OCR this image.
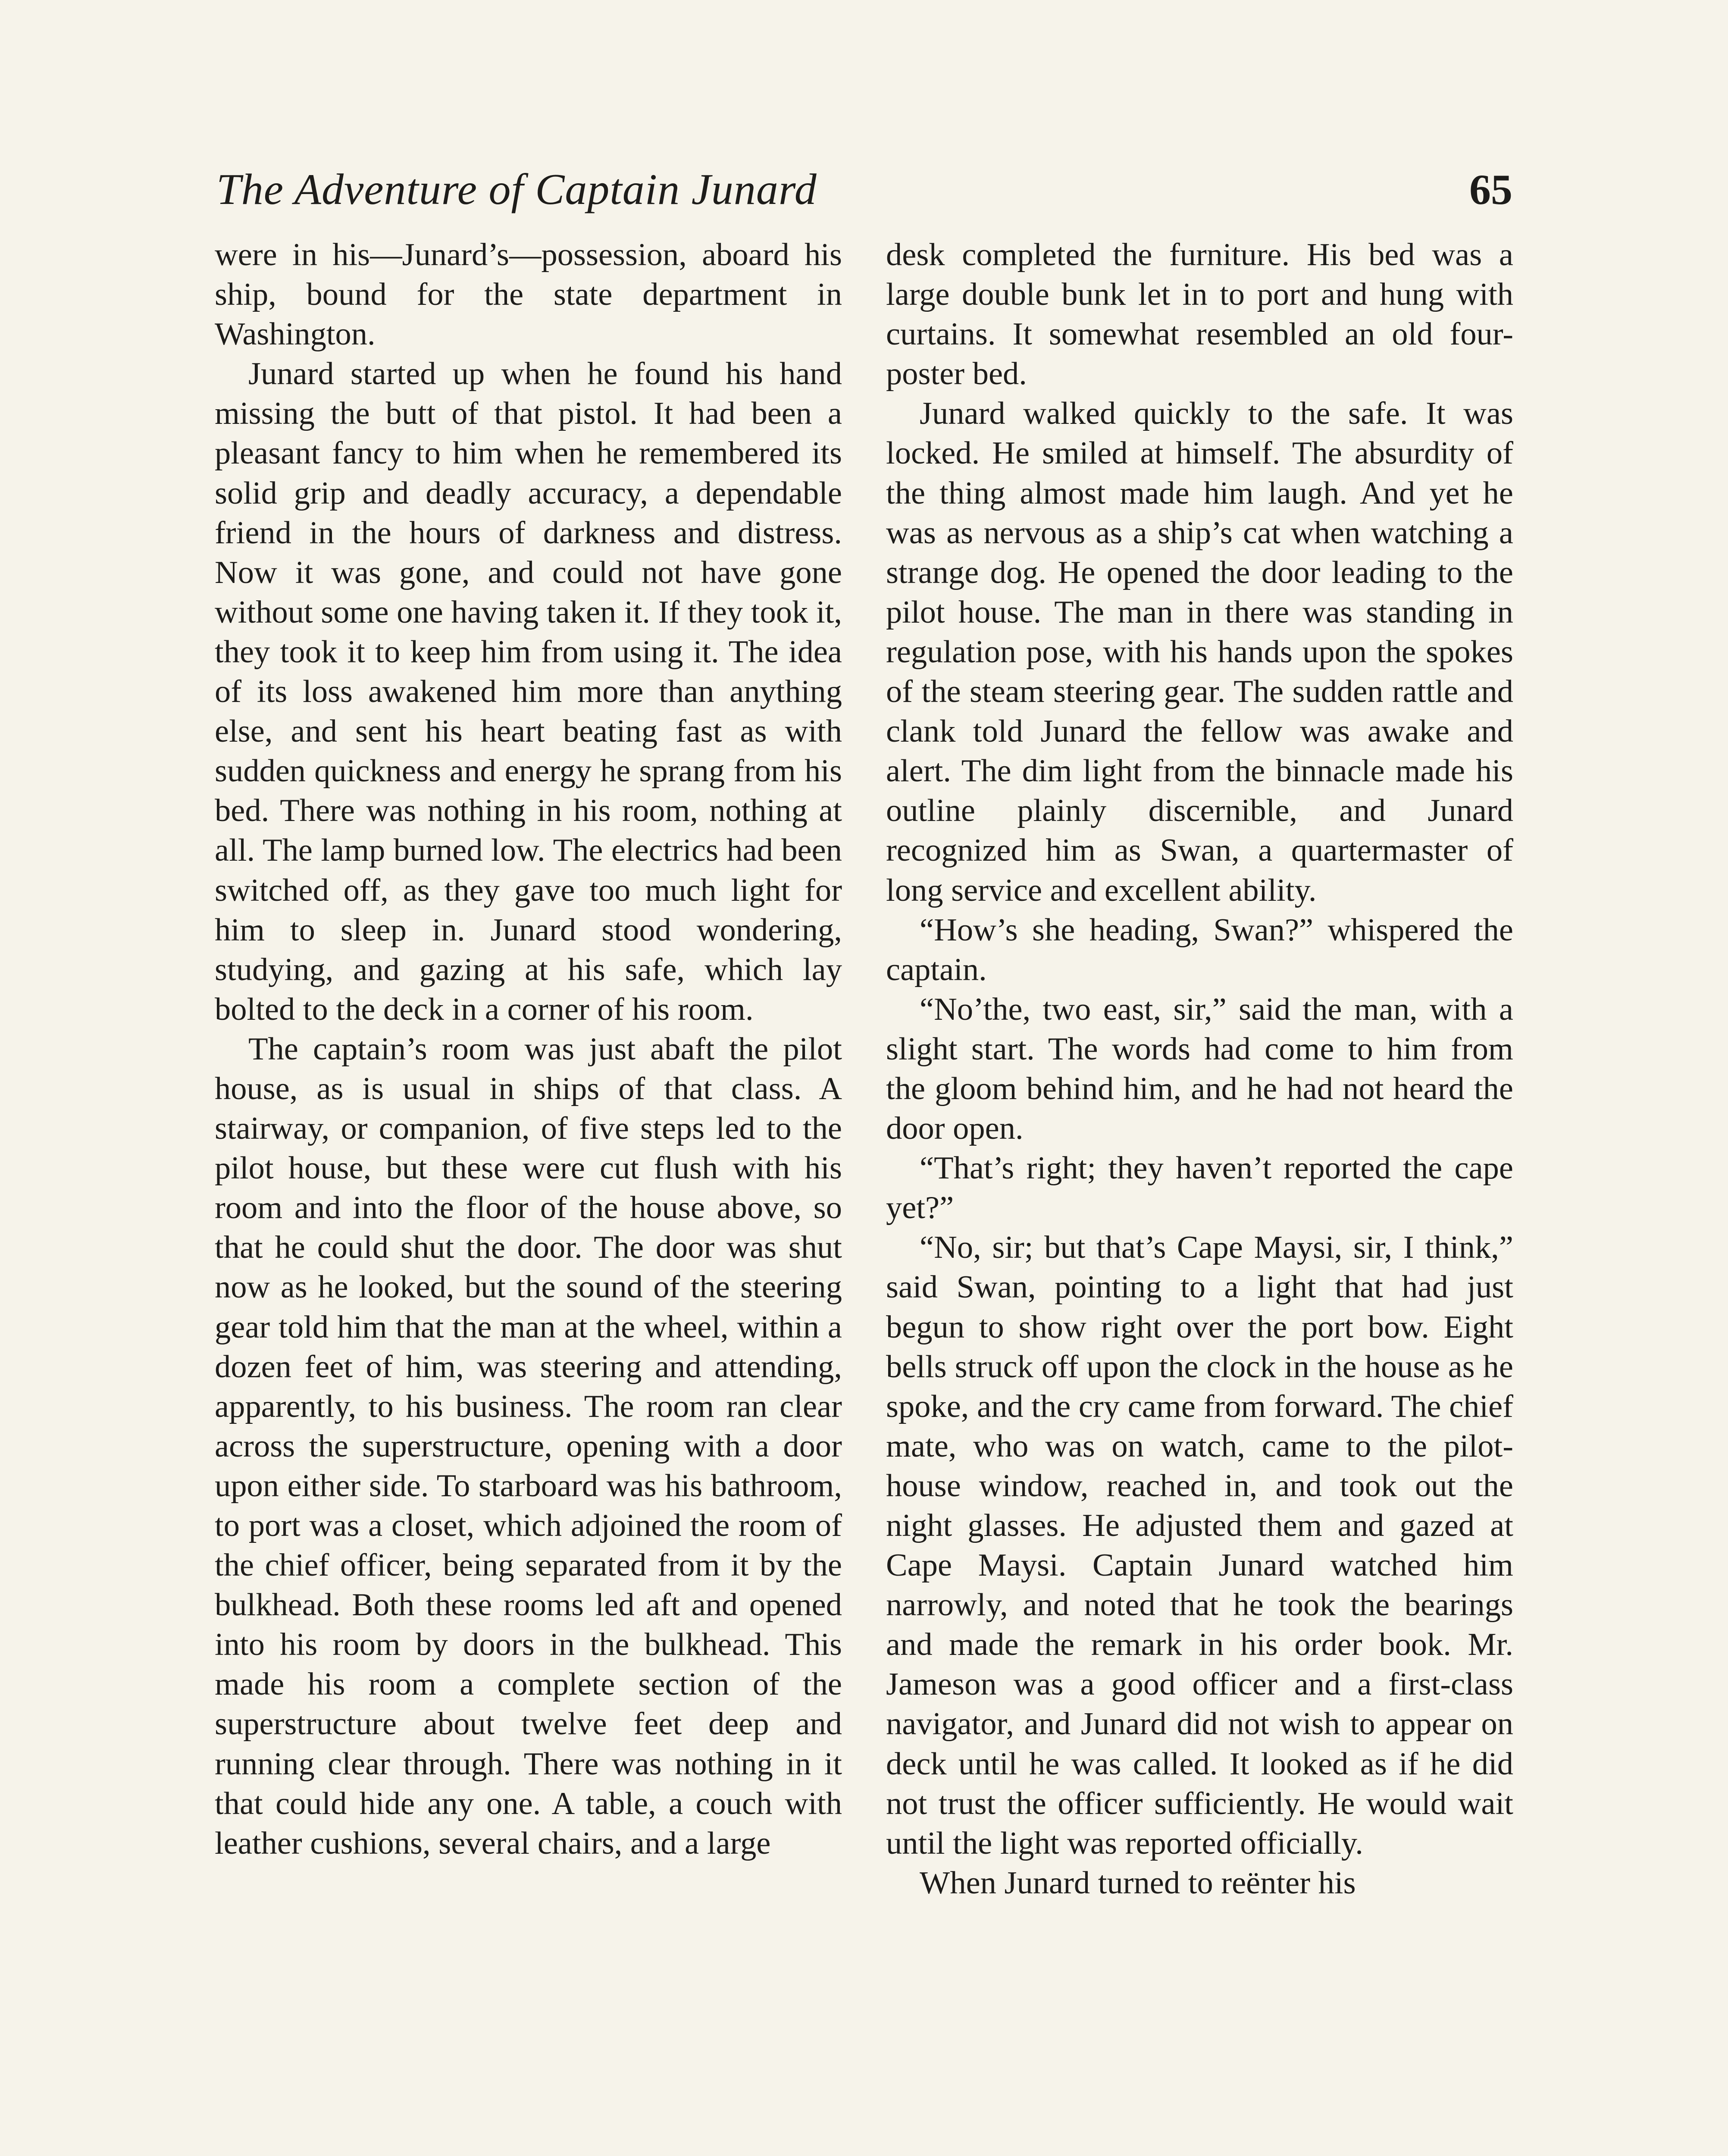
The Adventure of Captain Junard	65

were in his—Junard’s—possession, aboard his ship, bound for the state department in Washington.

Junard started up when he found his hand missing the butt of that pistol. It had been a pleasant fancy to him when he remembered its solid grip and deadly accuracy, a dependable friend in the hours of darkness and distress. Now it was gone, and could not have gone without some one having taken it. If they took it, they took it to keep him from using it. The idea of its loss awakened him more than anything else, and sent his heart beating fast as with sudden quickness and energy he sprang from his bed. There was nothing in his room, nothing at all. The lamp burned low. The electrics had been switched off, as they gave too much light for him to sleep in. Junard stood wondering, studying, and gazing at his safe, which lay bolted to the deck in a corner of his room.

The captain’s room was just abaft the pilot house, as is usual in ships of that class. A stairway, or companion, of five steps led to the pilot house, but these were cut flush with his room and into the floor of the house above, so that he could shut the door. The door was shut now as he looked, but the sound of the steering gear told him that the man at the wheel, within a dozen feet of him, was steering and attending, apparently, to his business. The room ran clear across the superstructure, opening with a door upon either side. To starboard was his bathroom, to port was a closet, which adjoined the room of the chief officer, being separated from it by the bulkhead. Both these rooms led aft and opened into his room by doors in the bulkhead. This made his room a complete section of the superstructure about twelve feet deep and running clear through. There was nothing in it that could hide any one. A table, a couch with leather cushions, several chairs, and a large

desk completed the furniture. His bed was a large double bunk let in to port and hung with curtains. It somewhat resembled an old four-poster bed.

Junard walked quickly to the safe. It was locked. He smiled at himself. The absurdity of the thing almost made him laugh. And yet he was as nervous as a ship’s cat when watching a strange dog. He opened the door leading to the pilot house. The man in there was standing in regulation pose, with his hands upon the spokes of the steam steering gear. The sudden rattle and clank told Junard the fellow was awake and alert. The dim light from the binnacle made his outline plainly discernible, and Junard recognized him as Swan, a quartermaster of long service and excellent ability.

“How’s she heading, Swan?” whispered the captain.

“No’the, two east, sir,” said the man, with a slight start. The words had come to him from the gloom behind him, and he had not heard the door open.

“That’s right; they haven’t reported the cape yet?”

“No, sir; but that’s Cape Maysi, sir, I think,” said Swan, pointing to a light that had just begun to show right over the port bow. Eight bells struck off upon the clock in the house as he spoke, and the cry came from forward. The chief mate, who was on watch, came to the pilot-house window, reached in, and took out the night glasses. He adjusted them and gazed at Cape Maysi. Captain Junard watched him narrowly, and noted that he took the bearings and made the remark in his order book. Mr. Jameson was a good officer and a first-class navigator, and Junard did not wish to appear on deck until he was called. It looked as if he did not trust the officer sufficiently. He would wait until the light was reported officially.

When Junard turned to reënter his
